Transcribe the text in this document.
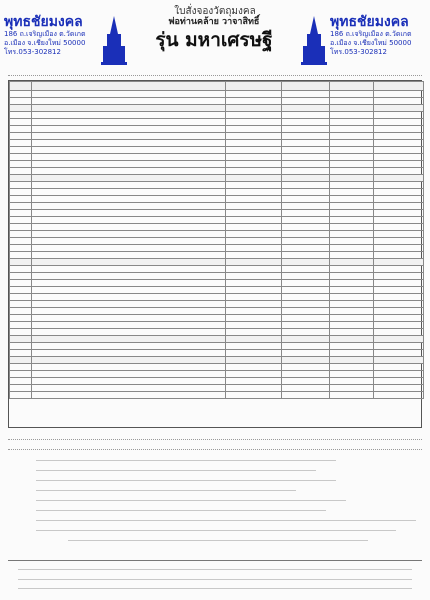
ใบสั่งจองวัตถุมงคล
พุทธชัยมงคล
186 ถ.เจริญเมือง ต.วัดเกต
อ.เมือง จ.เชียงใหม่ 50000
โทร.053-302812
พ่อท่านคล้าย วาจาสิทธิ์
รุ่น มหาเศรษฐี
พุทธชัยมงคล
186 ถ.เจริญเมือง ต.วัดเกต
อ.เมือง จ.เชียงใหม่ 50000
โทร.053-302812
